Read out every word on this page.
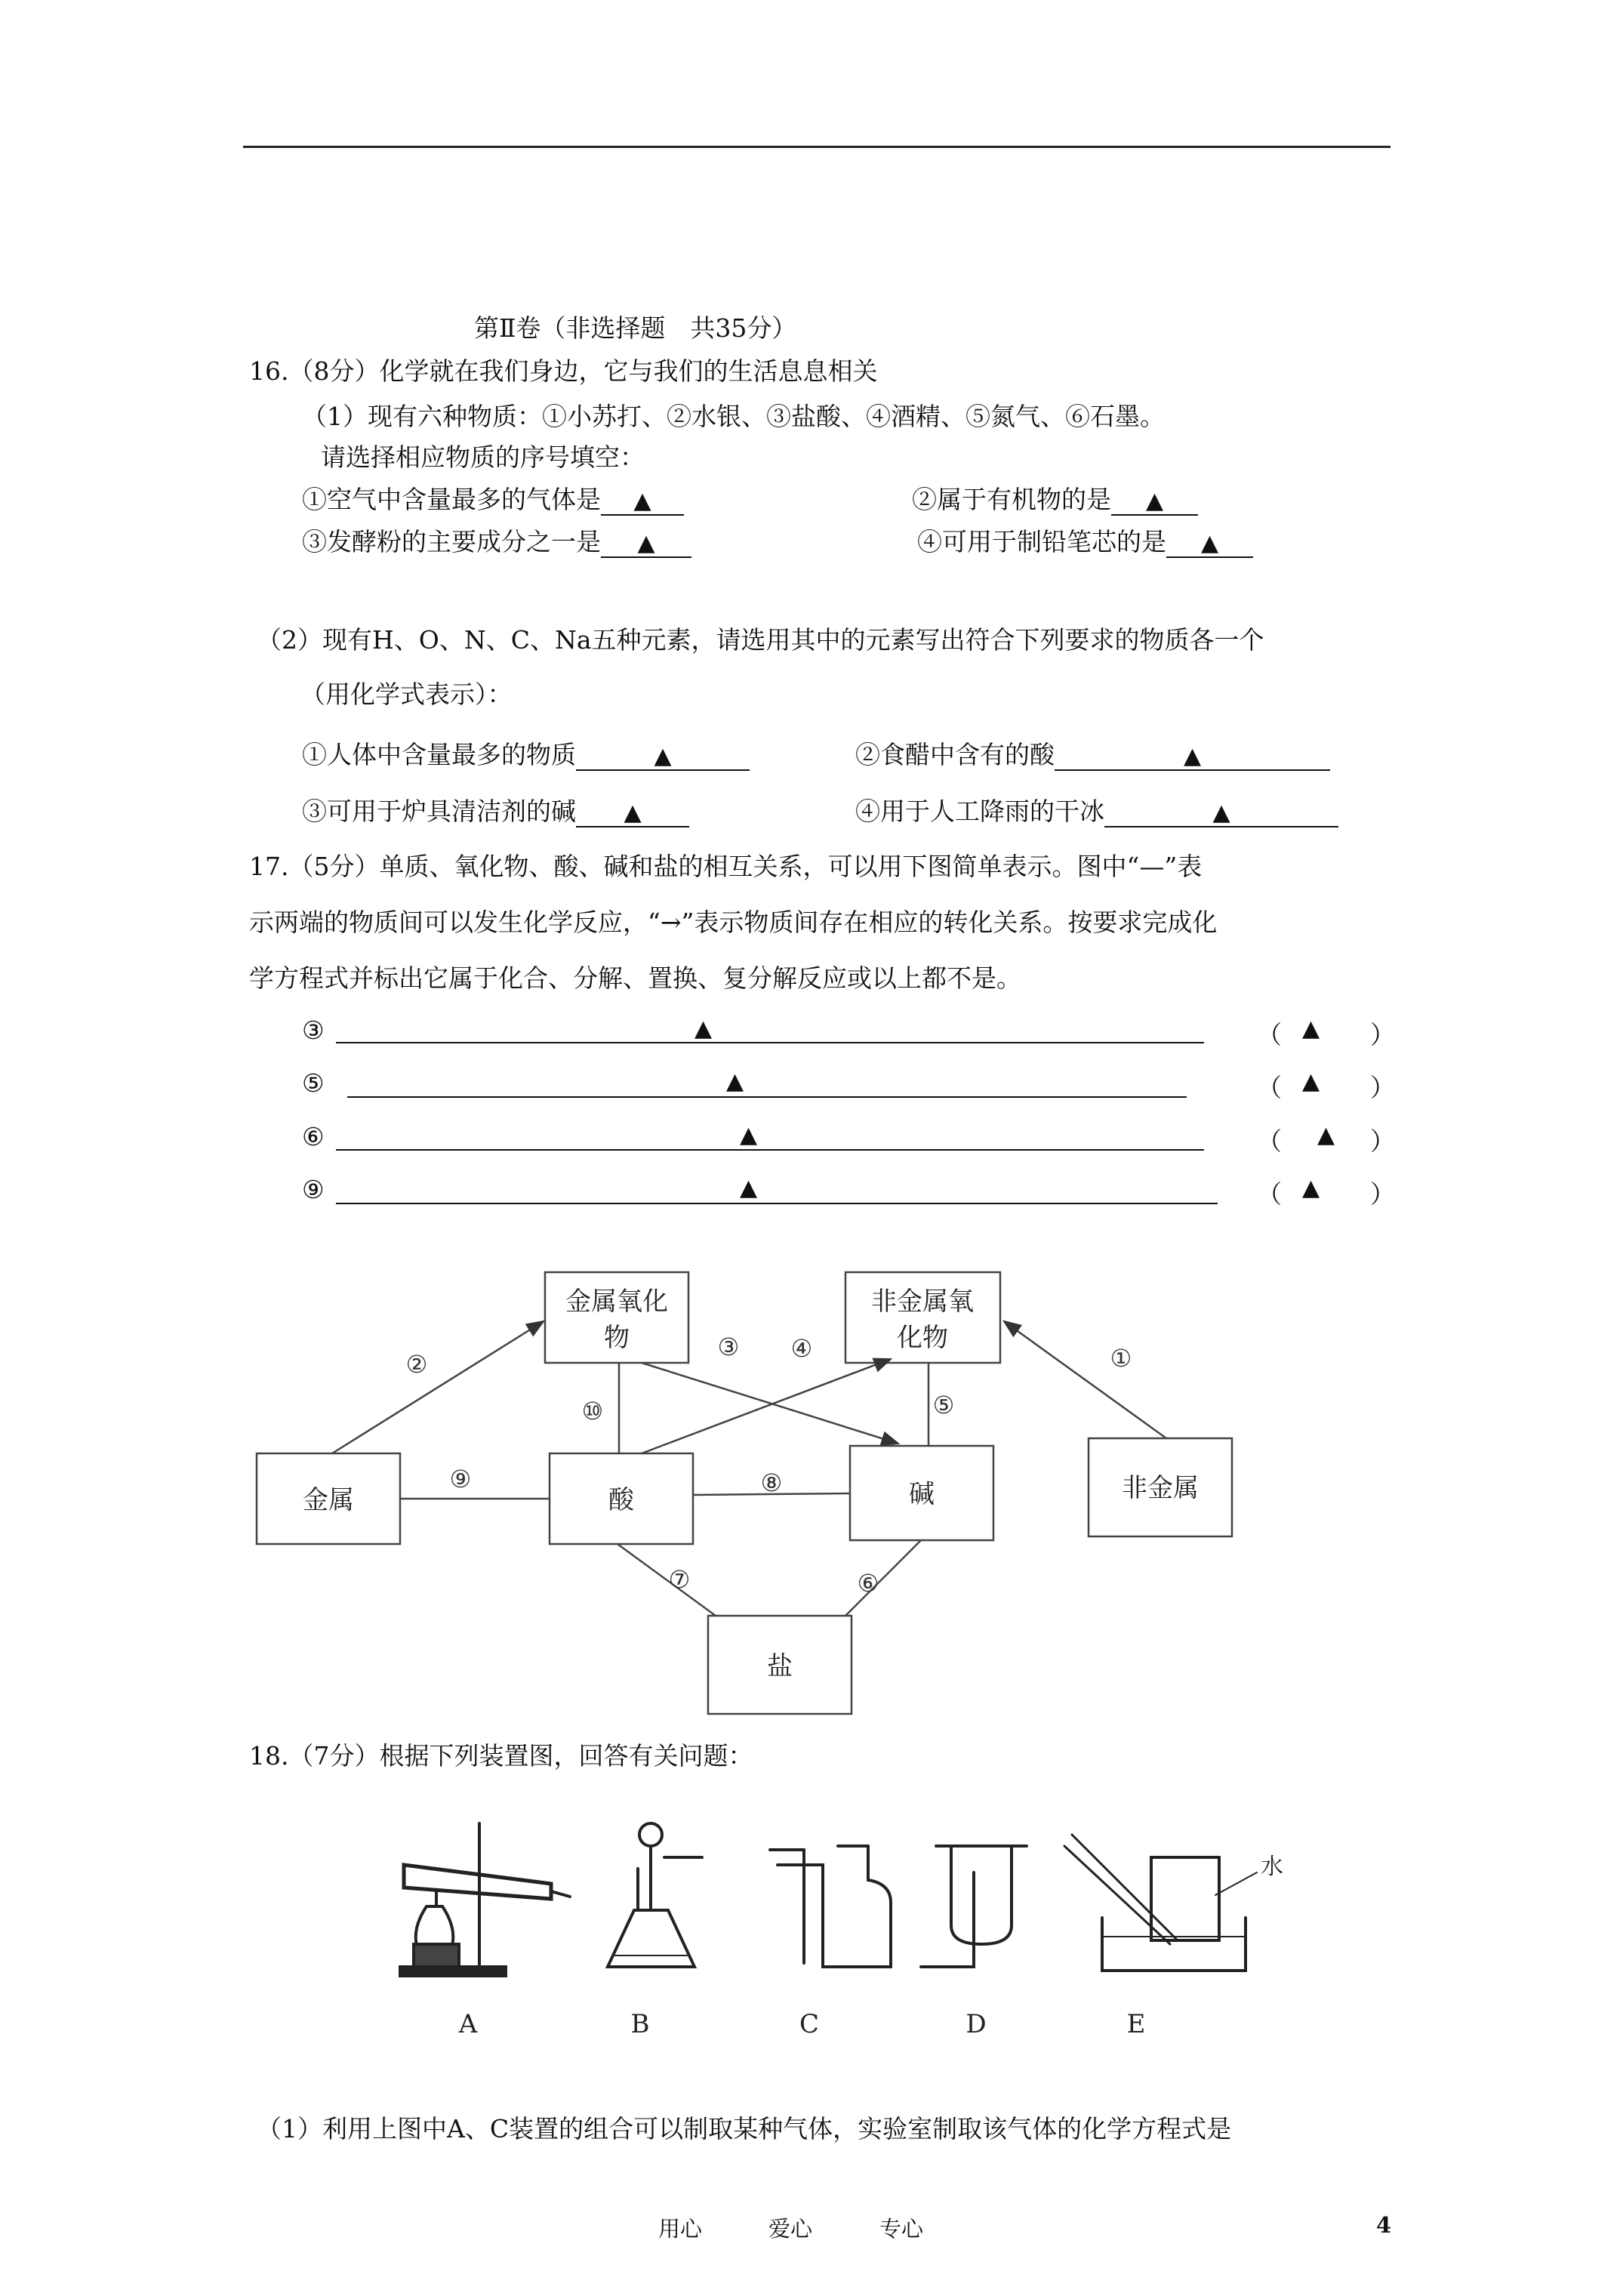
第Ⅱ卷（非选择题　共35分）
16.（8分）化学就在我们身边，它与我们的生活息息相关
（1）现有六种物质：①小苏打、②水银、③盐酸、④酒精、⑤氮气、⑥石墨。
请选择相应物质的序号填空：
①空气中含量最多的气体是 ▲	②属于有机物的是 ▲
③发酵粉的主要成分之一是 ▲	④可用于制铅笔芯的是 ▲
（2）现有H、O、N、C、Na五种元素，请选用其中的元素写出符合下列要求的物质各一个
（用化学式表示）：
①人体中含量最多的物质	▲	②食醋中含有的酸	▲
③可用于炉具清洁剂的碱 ▲	④用于人工降雨的干冰	▲
17.（5分）单质、氧化物、酸、碱和盐的相互关系，可以用下图简单表示。图中“—”表
示两端的物质间可以发生化学反应，“→”表示物质间存在相应的转化关系。按要求完成化
学方程式并标出它属于化合、分解、置换、复分解反应或以上都不是。
③	▲	（ ▲ ）
⑤	▲	（ ▲ ）
⑥	▲	（ ▲ ）
⑨	▲	（ ▲ ）
金属氧化
物
非金属氧
化物
金属	酸	碱	非金属
盐
①
②
③ ④
⑤
⑥
⑦
⑧
⑨
⑩
18.（7分）根据下列装置图，回答有关问题：
A	B	C	D	E
水
（1）利用上图中A、C装置的组合可以制取某种气体，实验室制取该气体的化学方程式是
用心	爱心	专心	4
